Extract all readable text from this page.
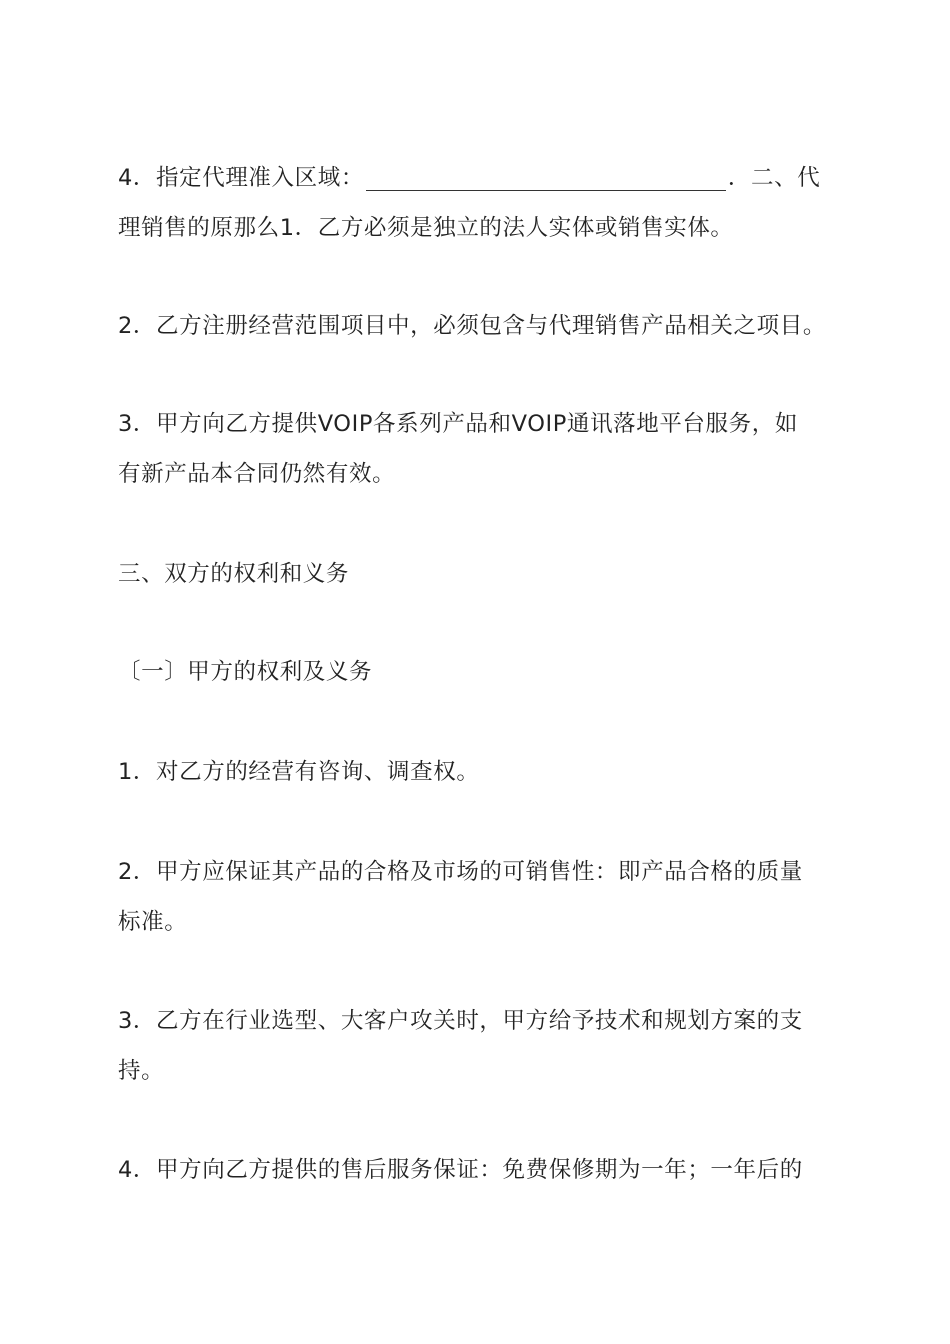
4．指定代理准入区域：	．二、代
理销售的原那么1．乙方必须是独立的法人实体或销售实体。
2．乙方注册经营范围项目中，必须包含与代理销售产品相关之项目。
3．甲方向乙方提供VOIP各系列产品和VOIP通讯落地平台服务，如
有新产品本合同仍然有效。
三、双方的权利和义务
〔一〕甲方的权利及义务
1．对乙方的经营有咨询、调查权。
2．甲方应保证其产品的合格及市场的可销售性：即产品合格的质量
标准。
3．乙方在行业选型、大客户攻关时，甲方给予技术和规划方案的支
持。
4．甲方向乙方提供的售后服务保证：免费保修期为一年；一年后的
